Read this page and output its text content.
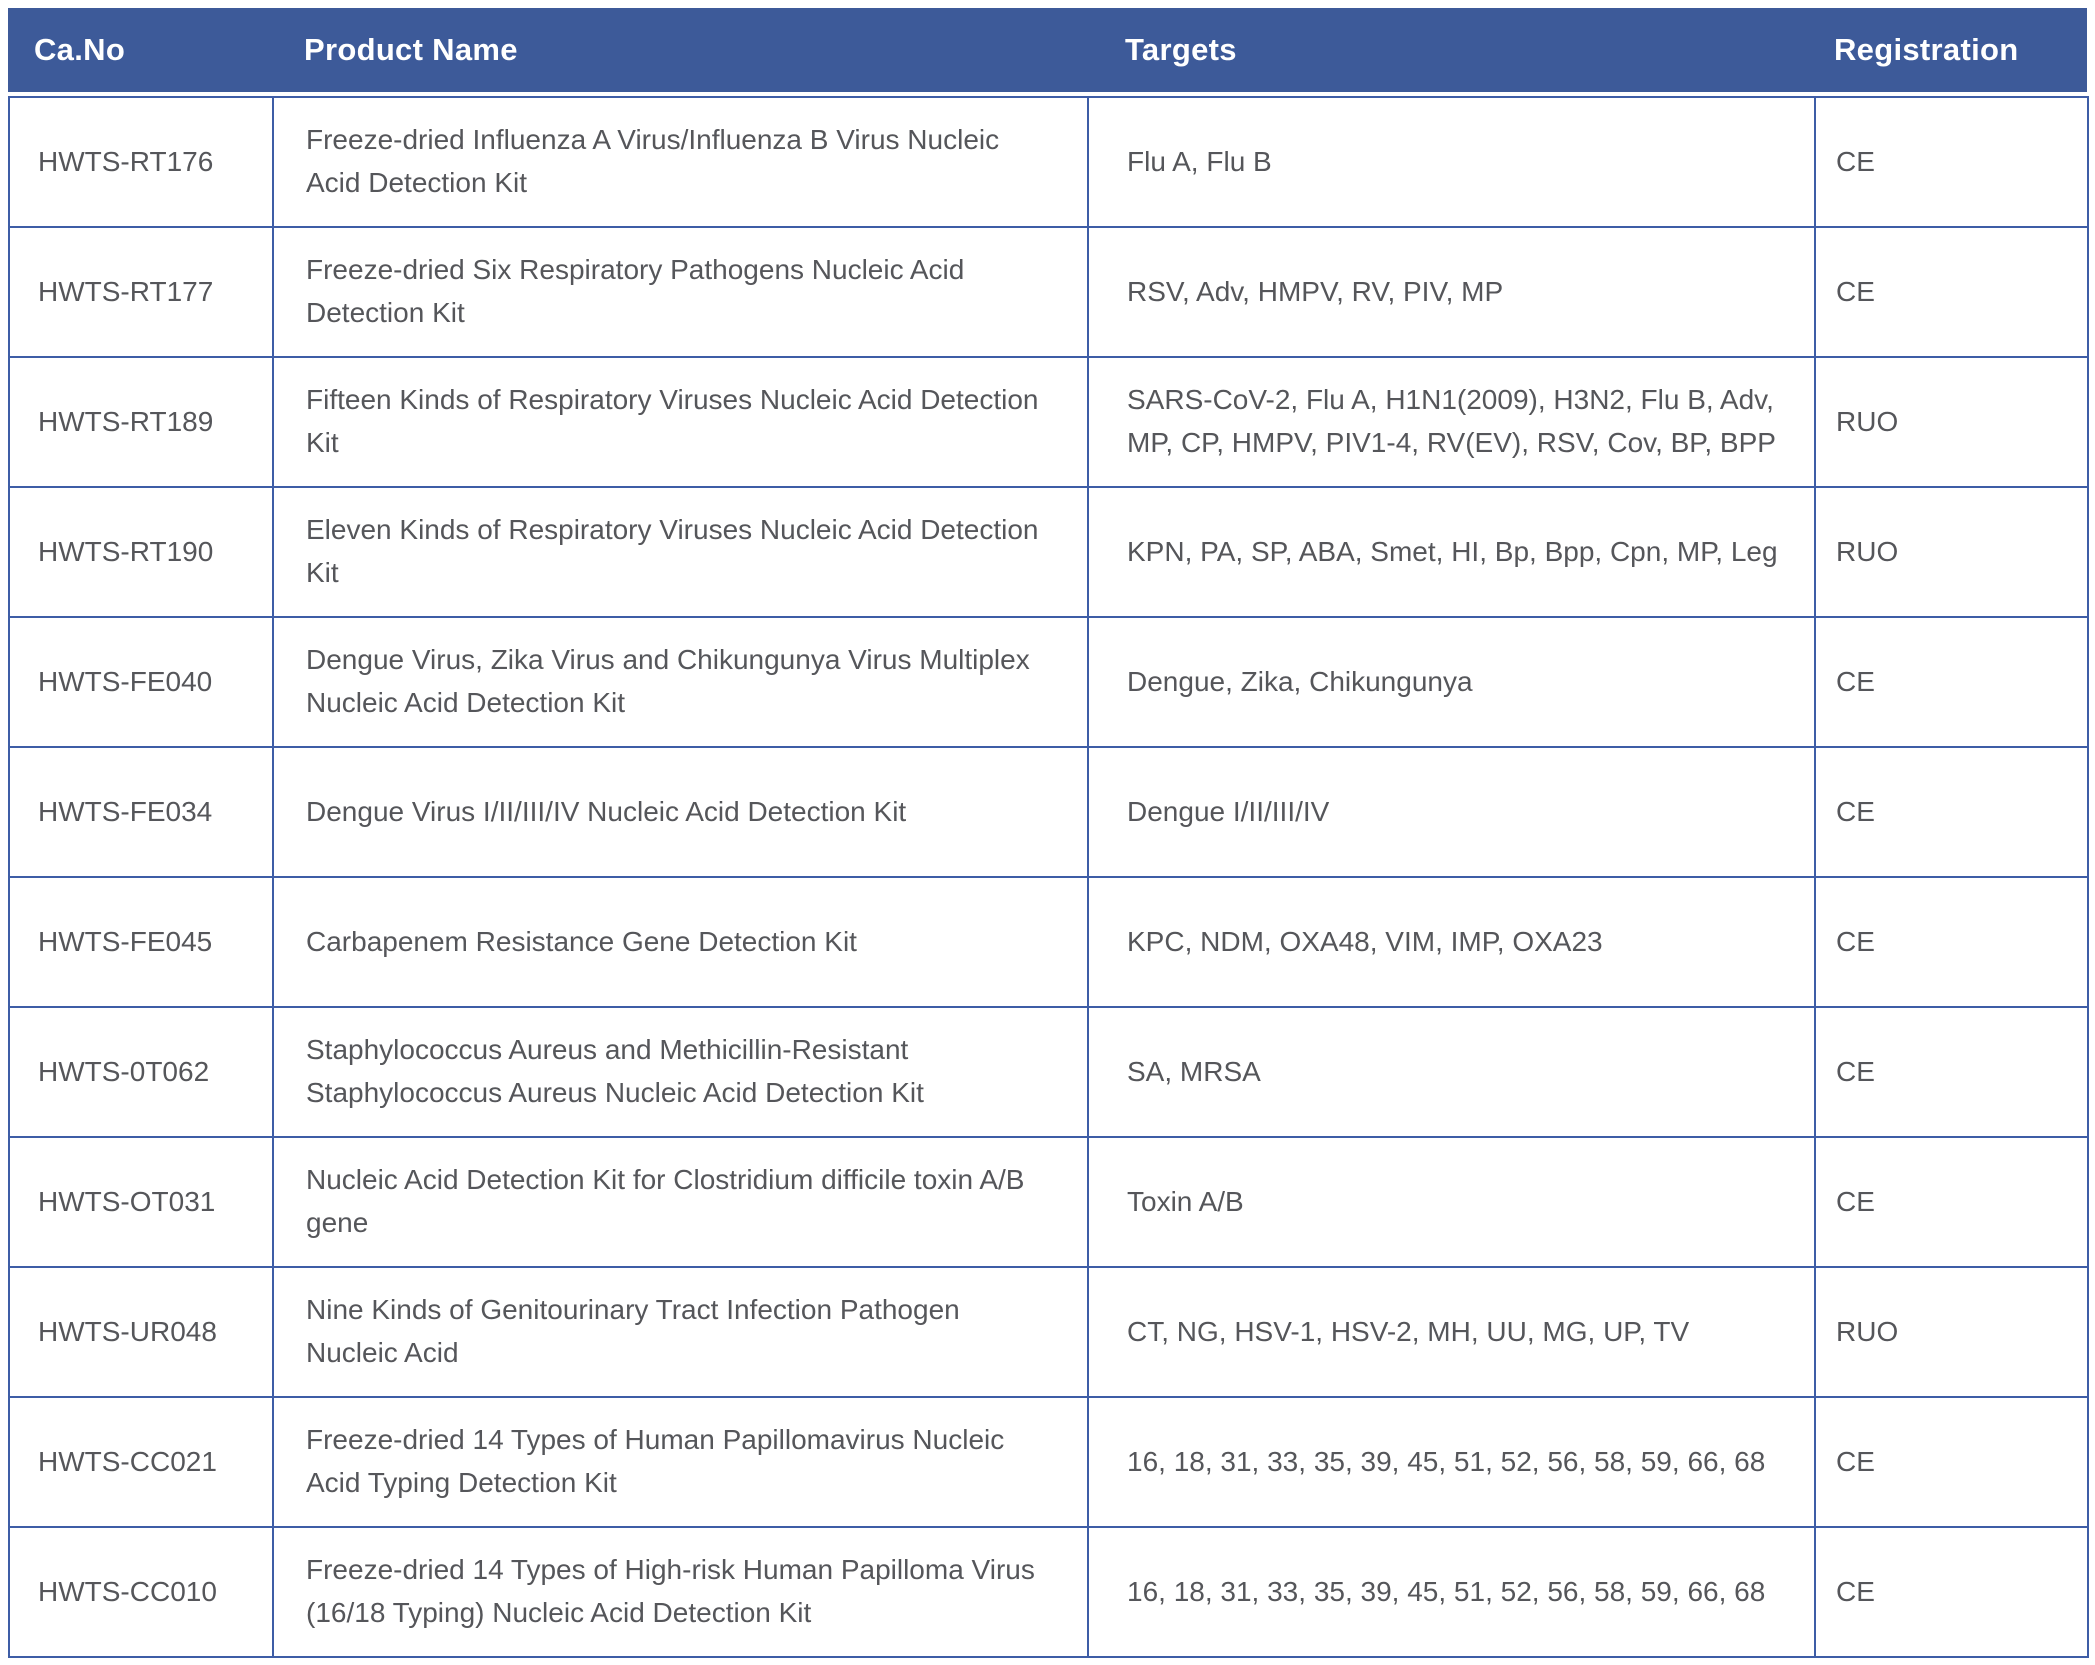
Ca.No	Product Name	Targets	Registration
HWTS-RT176	Freeze-dried Influenza A Virus/Influenza B Virus Nucleic Acid Detection Kit	Flu A, Flu B	CE
HWTS-RT177	Freeze-dried Six Respiratory Pathogens Nucleic Acid Detection Kit	RSV, Adv, HMPV, RV, PIV, MP	CE
HWTS-RT189	Fifteen Kinds of Respiratory Viruses Nucleic Acid Detection Kit	SARS-CoV-2, Flu A, H1N1(2009), H3N2, Flu B, Adv, MP, CP, HMPV, PIV1-4, RV(EV), RSV, Cov, BP, BPP	RUO
HWTS-RT190	Eleven Kinds of Respiratory Viruses Nucleic Acid Detection Kit	KPN, PA, SP, ABA, Smet, HI, Bp, Bpp, Cpn, MP, Leg	RUO
HWTS-FE040	Dengue Virus, Zika Virus and Chikungunya Virus Multiplex Nucleic Acid Detection Kit	Dengue, Zika, Chikungunya	CE
HWTS-FE034	Dengue Virus I/II/III/IV Nucleic Acid Detection Kit	Dengue I/II/III/IV	CE
HWTS-FE045	Carbapenem Resistance Gene Detection Kit	KPC, NDM, OXA48, VIM, IMP, OXA23	CE
HWTS-0T062	Staphylococcus Aureus and Methicillin-Resistant Staphylococcus Aureus Nucleic Acid Detection Kit	SA, MRSA	CE
HWTS-OT031	Nucleic Acid Detection Kit for Clostridium difficile toxin A/B gene	Toxin A/B	CE
HWTS-UR048	Nine Kinds of Genitourinary Tract Infection Pathogen Nucleic Acid	CT, NG, HSV-1, HSV-2, MH, UU, MG, UP, TV	RUO
HWTS-CC021	Freeze-dried 14 Types of Human Papillomavirus Nucleic Acid Typing Detection Kit	16, 18, 31, 33, 35, 39, 45, 51, 52, 56, 58, 59, 66, 68	CE
HWTS-CC010	Freeze-dried 14 Types of High-risk Human Papilloma Virus (16/18 Typing) Nucleic Acid Detection Kit	16, 18, 31, 33, 35, 39, 45, 51, 52, 56, 58, 59, 66, 68	CE
